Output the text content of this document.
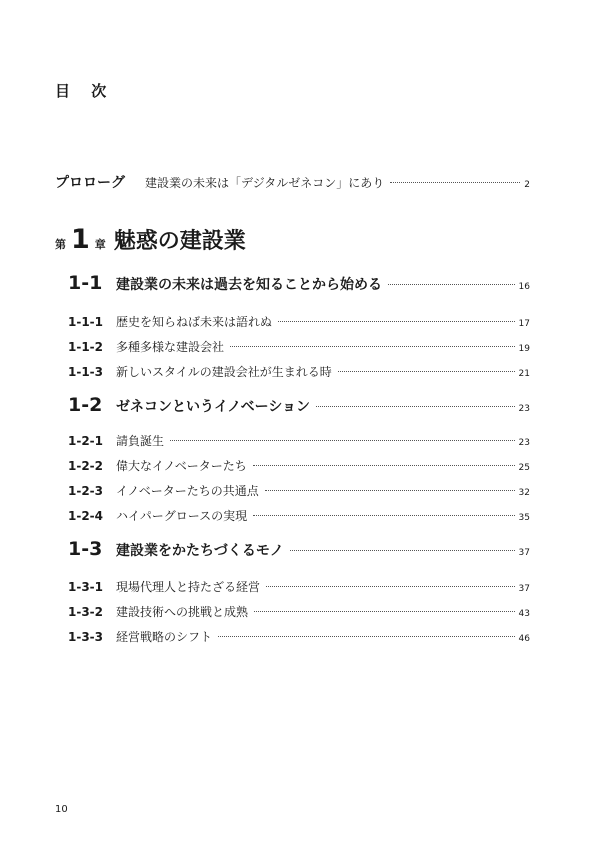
目 次
プロローグ	建設業の未来は「デジタルゼネコン」にあり	2
第 1 章 魅惑の建設業
1-1 建設業の未来は過去を知ることから始める	16
1-1-1	歴史を知らねば未来は語れぬ	17
1-1-2	多種多様な建設会社	19
1-1-3	新しいスタイルの建設会社が生まれる時	21
1-2 ゼネコンというイノベーション	23
1-2-1	請負誕生	23
1-2-2	偉大なイノベーターたち	25
1-2-3	イノベーターたちの共通点	32
1-2-4	ハイパーグロースの実現	35
1-3 建設業をかたちづくるモノ	37
1-3-1	現場代理人と持たざる経営	37
1-3-2	建設技術への挑戦と成熟	43
1-3-3	経営戦略のシフト	46
10
